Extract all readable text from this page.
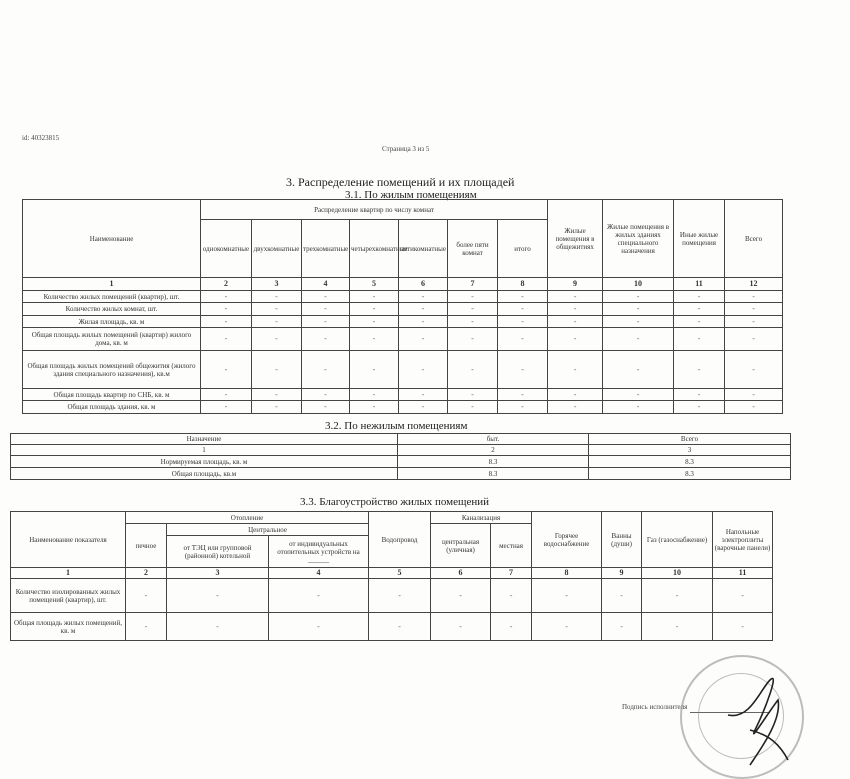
id: 40323815
Страница 3 из 5
3. Распределение помещений и их площадей
3.1. По жилым помещениям
Наименование	Распределение квартир по числу комнат							Жилые помещения в общежитиях	Жилые помещения в жилых зданиях специального назначения	Иные жилые помещения	Всего
	однокомнатные	двухкомнатные	трехкомнатные	четырехкомнатные	пятикомнатные	более пяти комнат	итого				
1	2	3	4	5	6	7	8	9	10	11	12
Количество жилых помещений (квартир), шт.	-	-	-	-	-	-	-	-	-	-	-
Количество жилых комнат, шт.	-	-	-	-	-	-	-	-	-	-	-
Жилая площадь, кв. м	-	-	-	-	-	-	-	-	-	-	-
Общая площадь жилых помещений (квартир) жилого дома, кв. м	-	-	-	-	-	-	-	-	-	-	-
Общая площадь жилых помещений общежития (жилого здания специального назначения), кв.м	-	-	-	-	-	-	-	-	-	-	-
Общая площадь квартир по СНБ, кв. м	-	-	-	-	-	-	-	-	-	-	-
Общая площадь здания, кв. м	-	-	-	-	-	-	-	-	-	-	-
3.2. По нежилым помещениям
Назначение	быт.	Всего
1	2	3
Нормируемая площадь, кв. м	8.3	8.3
Общая площадь, кв.м	8.3	8.3
3.3. Благоустройство жилых помещений
Наименование показателя	Отопление			Водопровод	Канализация		Горячее водоснабжение	Ванны (души)	Газ (газоснабжение)	Напольные электроплиты (варочные панели)
	печное	Центральное			центральная (уличная)	местная				
		от ТЭЦ или групповой (районной) котельной	от индивидуальных отопительных устройств на ______							
1	2	3	4	5	6	7	8	9	10	11
Количество изолированных жилых помещений (квартир), шт.	-	-	-	-	-	-	-	-	-	-
Общая площадь жилых помещений, кв. м	-	-	-	-	-	-	-	-	-	-
Подпись исполнителя
